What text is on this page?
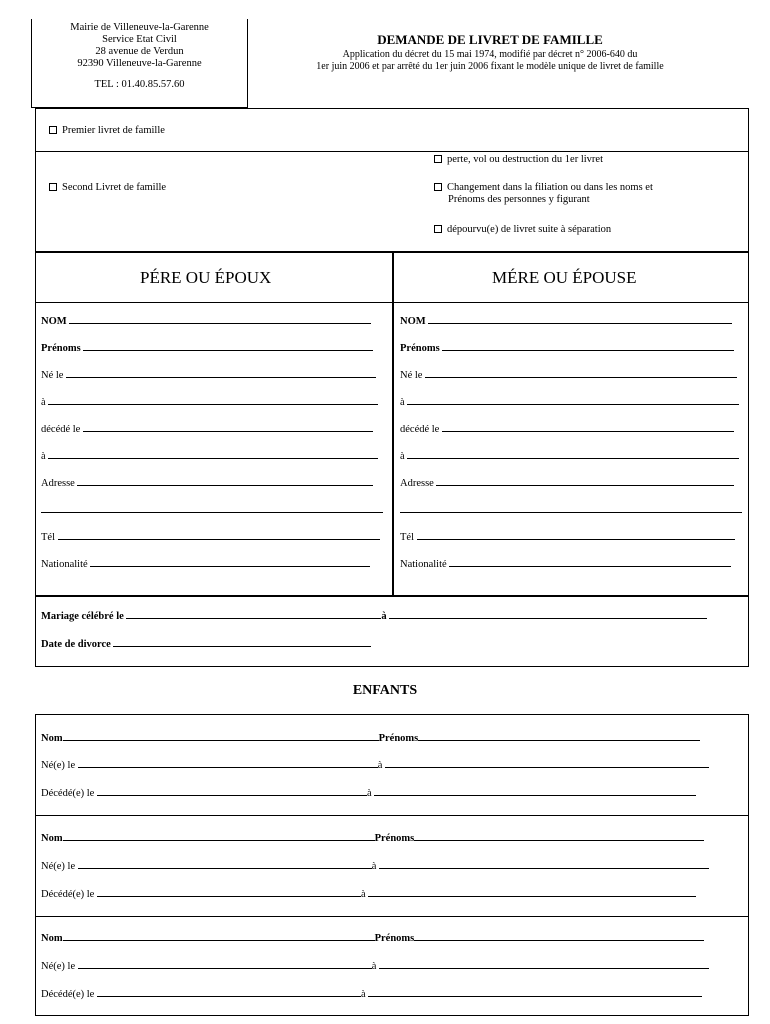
Mairie de Villeneuve-la-Garenne
Service Etat Civil
28 avenue de Verdun
92390 Villeneuve-la-Garenne
TEL : 01.40.85.57.60
DEMANDE DE LIVRET DE FAMILLE
Application du décret du 15 mai 1974, modifié par décret n° 2006-640 du
1er juin 2006 et par arrêté du 1er juin 2006 fixant le modèle unique de livret de famille
Premier livret de famille
Second Livret de famille
perte, vol ou destruction du 1er livret
Changement dans la filiation ou dans les noms et
Prénoms des personnes y figurant
dépourvu(e) de livret suite à séparation
PÉRE OU ÉPOUX	MÉRE OU ÉPOUSE
NOM
Prénoms
Né le
à
décédé le
à
Adresse
Tél
Nationalité
NOM
Prénoms
Né le
à
décédé le
à
Adresse
Tél
Nationalité
Mariage célébré le	à
Date de divorce
ENFANTS
Nom	Prénoms
Né(e) le	à
Décédé(e) le	à
Nom	Prénoms
Né(e) le	à
Décédé(e) le	à
Nom	Prénoms
Né(e) le	à
Décédé(e) le	à
